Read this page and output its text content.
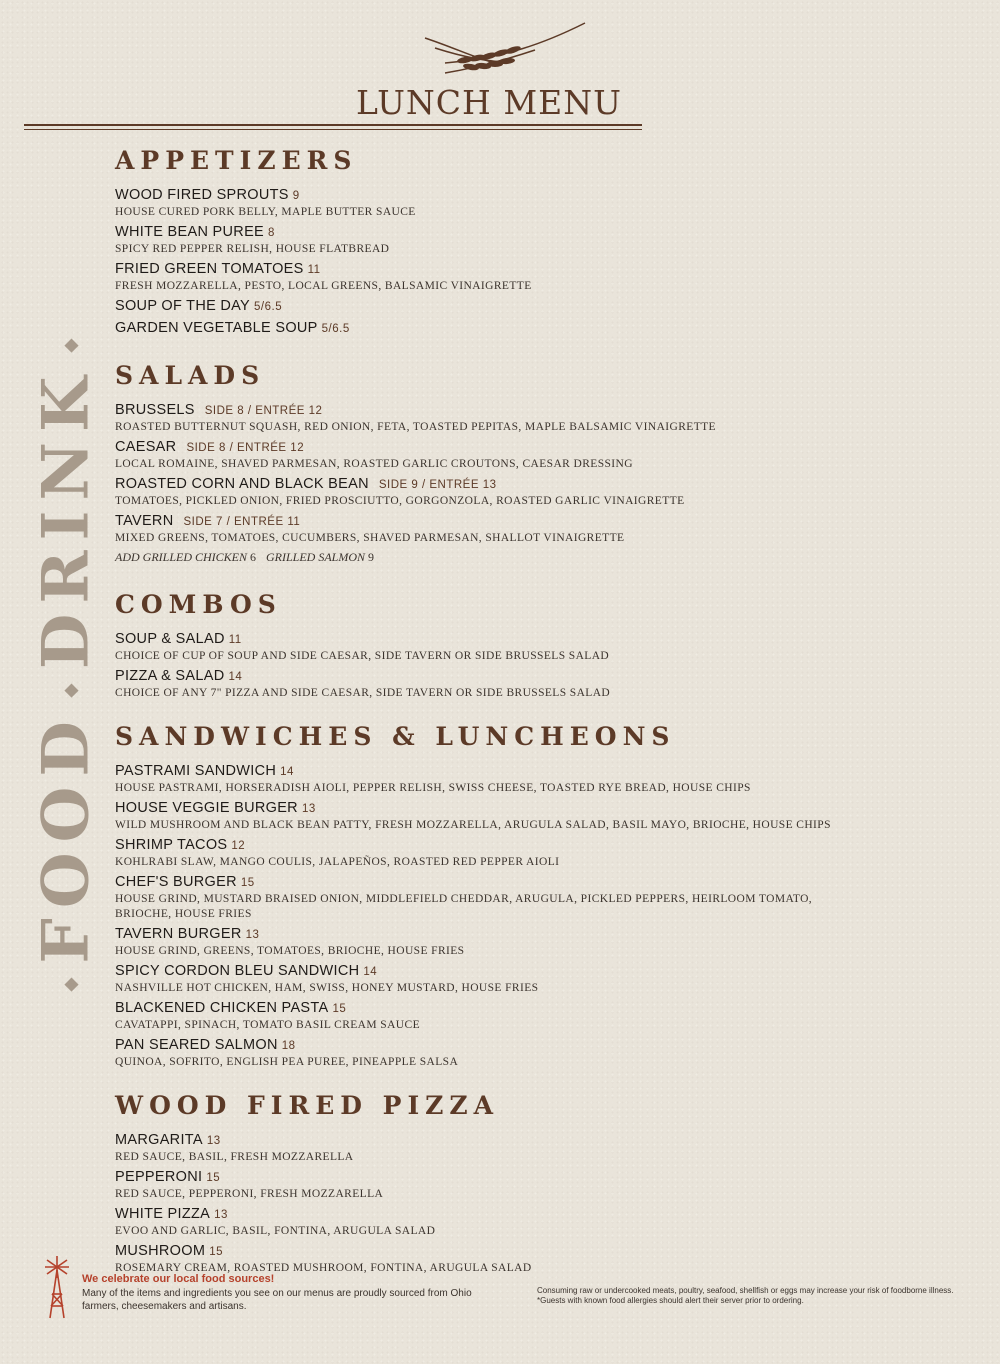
LUNCH MENU
FOODDRINK
APPETIZERS
WOOD FIRED SPROUTS 9
HOUSE CURED PORK BELLY, MAPLE BUTTER SAUCE
WHITE BEAN PUREE 8
SPICY RED PEPPER RELISH, HOUSE FLATBREAD
FRIED GREEN TOMATOES 11
FRESH MOZZARELLA, PESTO, LOCAL GREENS, BALSAMIC VINAIGRETTE
SOUP OF THE DAY 5/6.5
GARDEN VEGETABLE SOUP 5/6.5
SALADS
BRUSSELS SIDE 8 / ENTRÉE 12
ROASTED BUTTERNUT SQUASH, RED ONION, FETA, TOASTED PEPITAS, MAPLE BALSAMIC VINAIGRETTE
CAESAR SIDE 8 / ENTRÉE 12
LOCAL ROMAINE, SHAVED PARMESAN, ROASTED GARLIC CROUTONS, CAESAR DRESSING
ROASTED CORN AND BLACK BEAN SIDE 9 / ENTRÉE 13
TOMATOES, PICKLED ONION, FRIED PROSCIUTTO, GORGONZOLA, ROASTED GARLIC VINAIGRETTE
TAVERN SIDE 7 / ENTRÉE 11
MIXED GREENS, TOMATOES, CUCUMBERS, SHAVED PARMESAN, SHALLOT VINAIGRETTE
ADD GRILLED CHICKEN 6 GRILLED SALMON 9
COMBOS
SOUP & SALAD 11
CHOICE OF CUP OF SOUP AND SIDE CAESAR, SIDE TAVERN OR SIDE BRUSSELS SALAD
PIZZA & SALAD 14
CHOICE OF ANY 7" PIZZA AND SIDE CAESAR, SIDE TAVERN OR SIDE BRUSSELS SALAD
SANDWICHES & LUNCHEONS
PASTRAMI SANDWICH 14
HOUSE PASTRAMI, HORSERADISH AIOLI, PEPPER RELISH, SWISS CHEESE, TOASTED RYE BREAD, HOUSE CHIPS
HOUSE VEGGIE BURGER 13
WILD MUSHROOM AND BLACK BEAN PATTY, FRESH MOZZARELLA, ARUGULA SALAD, BASIL MAYO, BRIOCHE, HOUSE CHIPS
SHRIMP TACOS 12
KOHLRABI SLAW, MANGO COULIS, JALAPEÑOS, ROASTED RED PEPPER AIOLI
CHEF'S BURGER 15
HOUSE GRIND, MUSTARD BRAISED ONION, MIDDLEFIELD CHEDDAR, ARUGULA, PICKLED PEPPERS, HEIRLOOM TOMATO, BRIOCHE, HOUSE FRIES
TAVERN BURGER 13
HOUSE GRIND, GREENS, TOMATOES, BRIOCHE, HOUSE FRIES
SPICY CORDON BLEU SANDWICH 14
NASHVILLE HOT CHICKEN, HAM, SWISS, HONEY MUSTARD, HOUSE FRIES
BLACKENED CHICKEN PASTA 15
CAVATAPPI, SPINACH, TOMATO BASIL CREAM SAUCE
PAN SEARED SALMON 18
QUINOA, SOFRITO, ENGLISH PEA PUREE, PINEAPPLE SALSA
WOOD FIRED PIZZA
MARGARITA 13
RED SAUCE, BASIL, FRESH MOZZARELLA
PEPPERONI 15
RED SAUCE, PEPPERONI, FRESH MOZZARELLA
WHITE PIZZA 13
EVOO AND GARLIC, BASIL, FONTINA, ARUGULA SALAD
MUSHROOM 15
ROSEMARY CREAM, ROASTED MUSHROOM, FONTINA, ARUGULA SALAD
We celebrate our local food sources!
Many of the items and ingredients you see on our menus are proudly sourced from Ohio farmers, cheesemakers and artisans.
Consuming raw or undercooked meats, poultry, seafood, shellfish or eggs may increase your risk of foodborne illness.
*Guests with known food allergies should alert their server prior to ordering.
